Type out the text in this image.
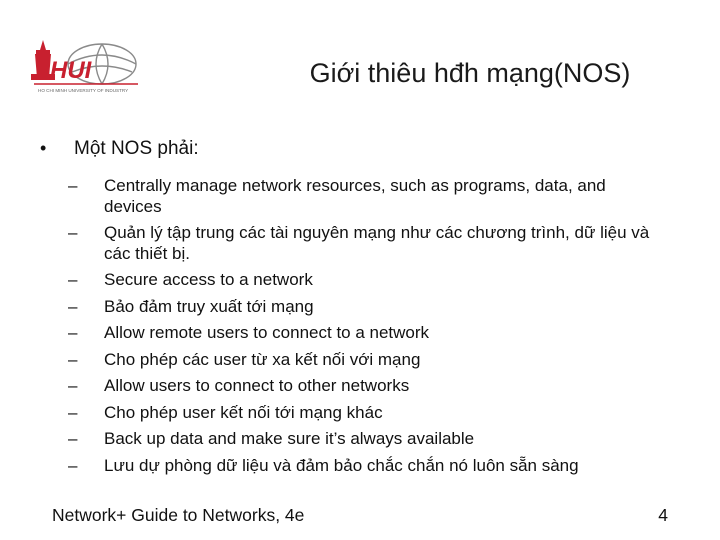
HUI
HO CHI MINH UNIVERSITY OF INDUSTRY
Giới thiêu hđh mạng(NOS)
•	Một NOS phải:
–	Centrally manage network resources, such as programs, data, and devices
–	Quản lý tập trung các tài nguyên mạng như các chương trình, dữ liệu và các thiết bị.
–	Secure access to a network
–	Bảo đảm truy xuất tới mạng
–	Allow remote users to connect to a network
–	Cho phép các user từ xa kết nối với mạng
–	Allow users to connect to other networks
–	Cho phép user kết nối tới mạng khác
–	Back up data and make sure it’s always available
–	Lưu dự phòng dữ liệu và đảm bảo chắc chắn nó luôn sẵn sàng
Network+ Guide to Networks, 4e	4
